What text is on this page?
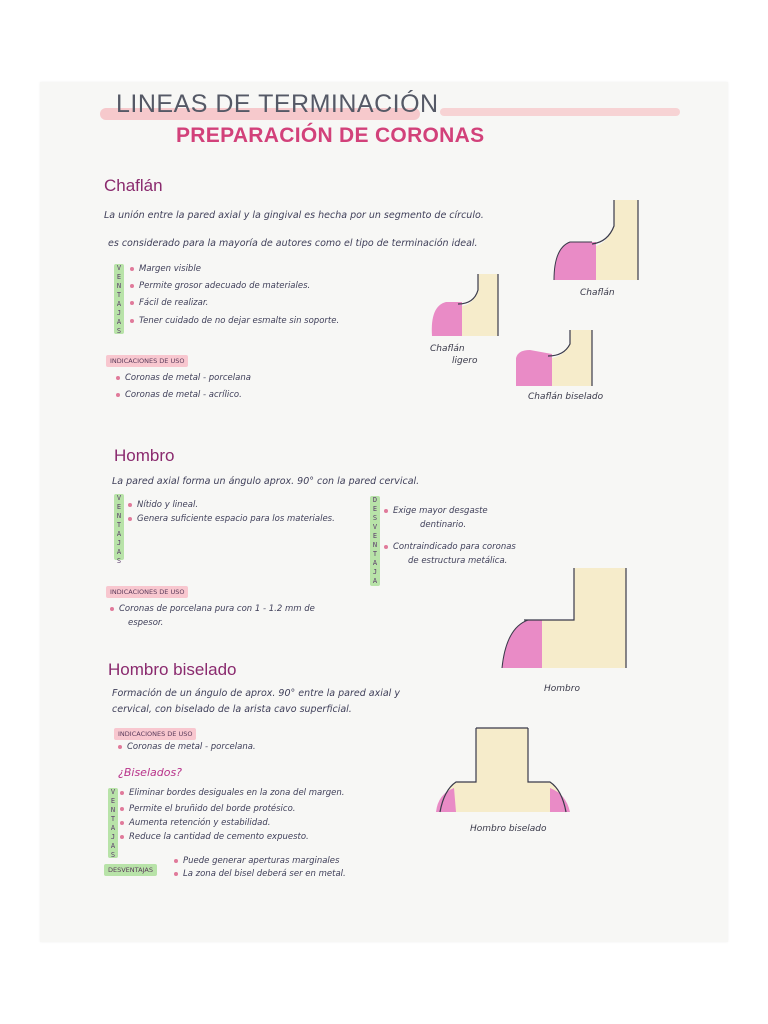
LINEAS DE TERMINACIÓN
PREPARACIÓN DE CORONAS
Chaflán
La unión entre la pared axial y la gingival es hecha por un segmento de círculo.
es considerado para la mayoría de autores como el tipo de terminación ideal.
V E N T A J A S
Margen visible
Permite grosor adecuado de materiales.
Fácil de realizar.
Tener cuidado de no dejar esmalte sin soporte.
INDICACIONES DE USO
Coronas de metal - porcelana
Coronas de metal - acrílico.
Chaflán
Chaflán
ligero
Chaflán biselado
Hombro
La pared axial forma un ángulo aprox. 90° con la pared cervical.
V E N T A J A S
Nítido y lineal.
Genera suficiente espacio para los materiales.
D E S V E N T A J A
Exige mayor desgaste
dentinario.
Contraindicado para coronas
de estructura metálica.
INDICACIONES DE USO
Coronas de porcelana pura con 1 - 1.2 mm de
espesor.
Hombro
Hombro biselado
Formación de un ángulo de aprox. 90° entre la pared axial y
cervical, con biselado de la arista cavo superficial.
INDICACIONES DE USO
Coronas de metal - porcelana.
¿Biselados?
V E N T A J A S
Eliminar bordes desiguales en la zona del margen.
Permite el bruñido del borde protésico.
Aumenta retención y estabilidad.
Reduce la cantidad de cemento expuesto.
DESVENTAJAS
Puede generar aperturas marginales
La zona del bisel deberá ser en metal.
Hombro biselado
